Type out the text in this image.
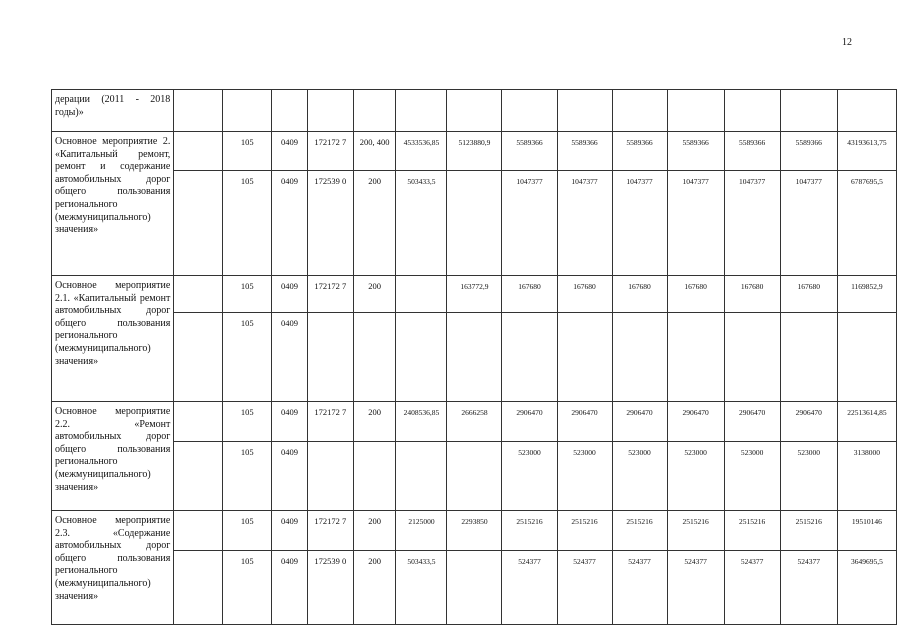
12
дерации (2011 - 2018 годы)»														
Основное мероприятие 2. «Капитальный ремонт, ремонт и содержание автомобильных дорог общего пользования регионального (межмуниципального) значения»		105	0409	172172 7	200, 400	4533536,85	5123880,9	5589366	5589366	5589366	5589366	5589366	5589366	43193613,75
		105	0409	172539 0	200	503433,5		1047377	1047377	1047377	1047377	1047377	1047377	6787695,5
Основное мероприятие 2.1. «Капитальный ремонт автомобильных дорог общего пользования регионального (межмуниципального) значения»		105	0409	172172 7	200		163772,9	167680	167680	167680	167680	167680	167680	1169852,9
		105	0409											
Основное мероприятие 2.2. «Ремонт автомобильных дорог общего пользования регионального (межмуниципального) значения»		105	0409	172172 7	200	2408536,85	2666258	2906470	2906470	2906470	2906470	2906470	2906470	22513614,85
		105	0409					523000	523000	523000	523000	523000	523000	3138000
Основное мероприятие 2.3. «Содержание автомобильных дорог общего пользования регионального (межмуниципального) значения»		105	0409	172172 7	200	2125000	2293850	2515216	2515216	2515216	2515216	2515216	2515216	19510146
		105	0409	172539 0	200	503433,5		524377	524377	524377	524377	524377	524377	3649695,5
